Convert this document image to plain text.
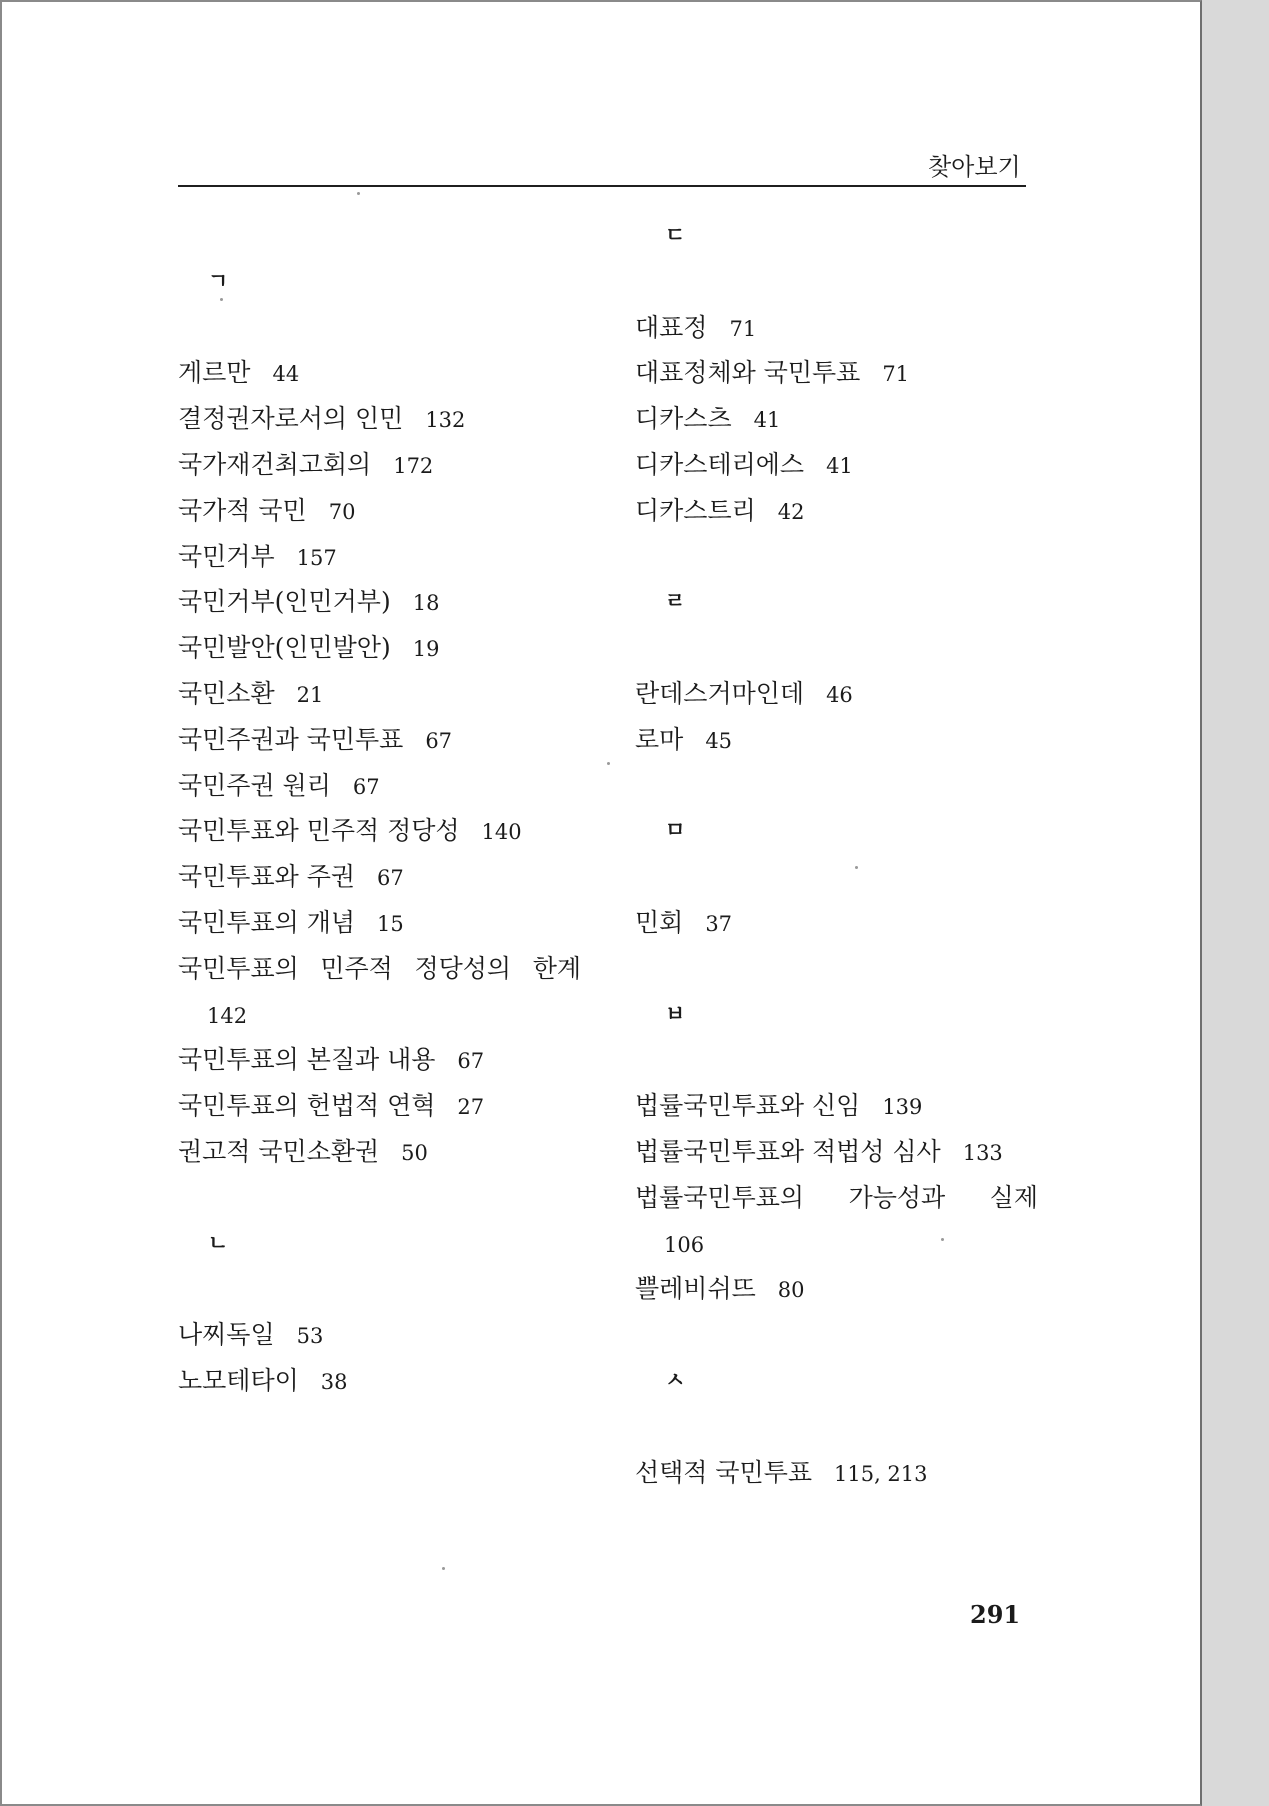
찾아보기
ㄱ
게르만 44
결정권자로서의 인민 132
국가재건최고회의 172
국가적 국민 70
국민거부 157
국민거부(인민거부) 18
국민발안(인민발안) 19
국민소환 21
국민주권과 국민투표 67
국민주권 원리 67
국민투표와 민주적 정당성 140
국민투표와 주권 67
국민투표의 개념 15
국민투표의 민주적 정당성의 한계
142
국민투표의 본질과 내용 67
국민투표의 헌법적 연혁 27
권고적 국민소환권 50
ㄴ
나찌독일 53
노모테타이 38
ㄷ
대표정 71
대표정체와 국민투표 71
디카스츠 41
디카스테리에스 41
디카스트리 42
ㄹ
란데스거마인데 46
로마 45
ㅁ
민회 37
ㅂ
법률국민투표와 신임 139
법률국민투표와 적법성 심사 133
법률국민투표의 가능성과 실제
106
쁠레비쉬뜨 80
ㅅ
선택적 국민투표 115, 213
291
